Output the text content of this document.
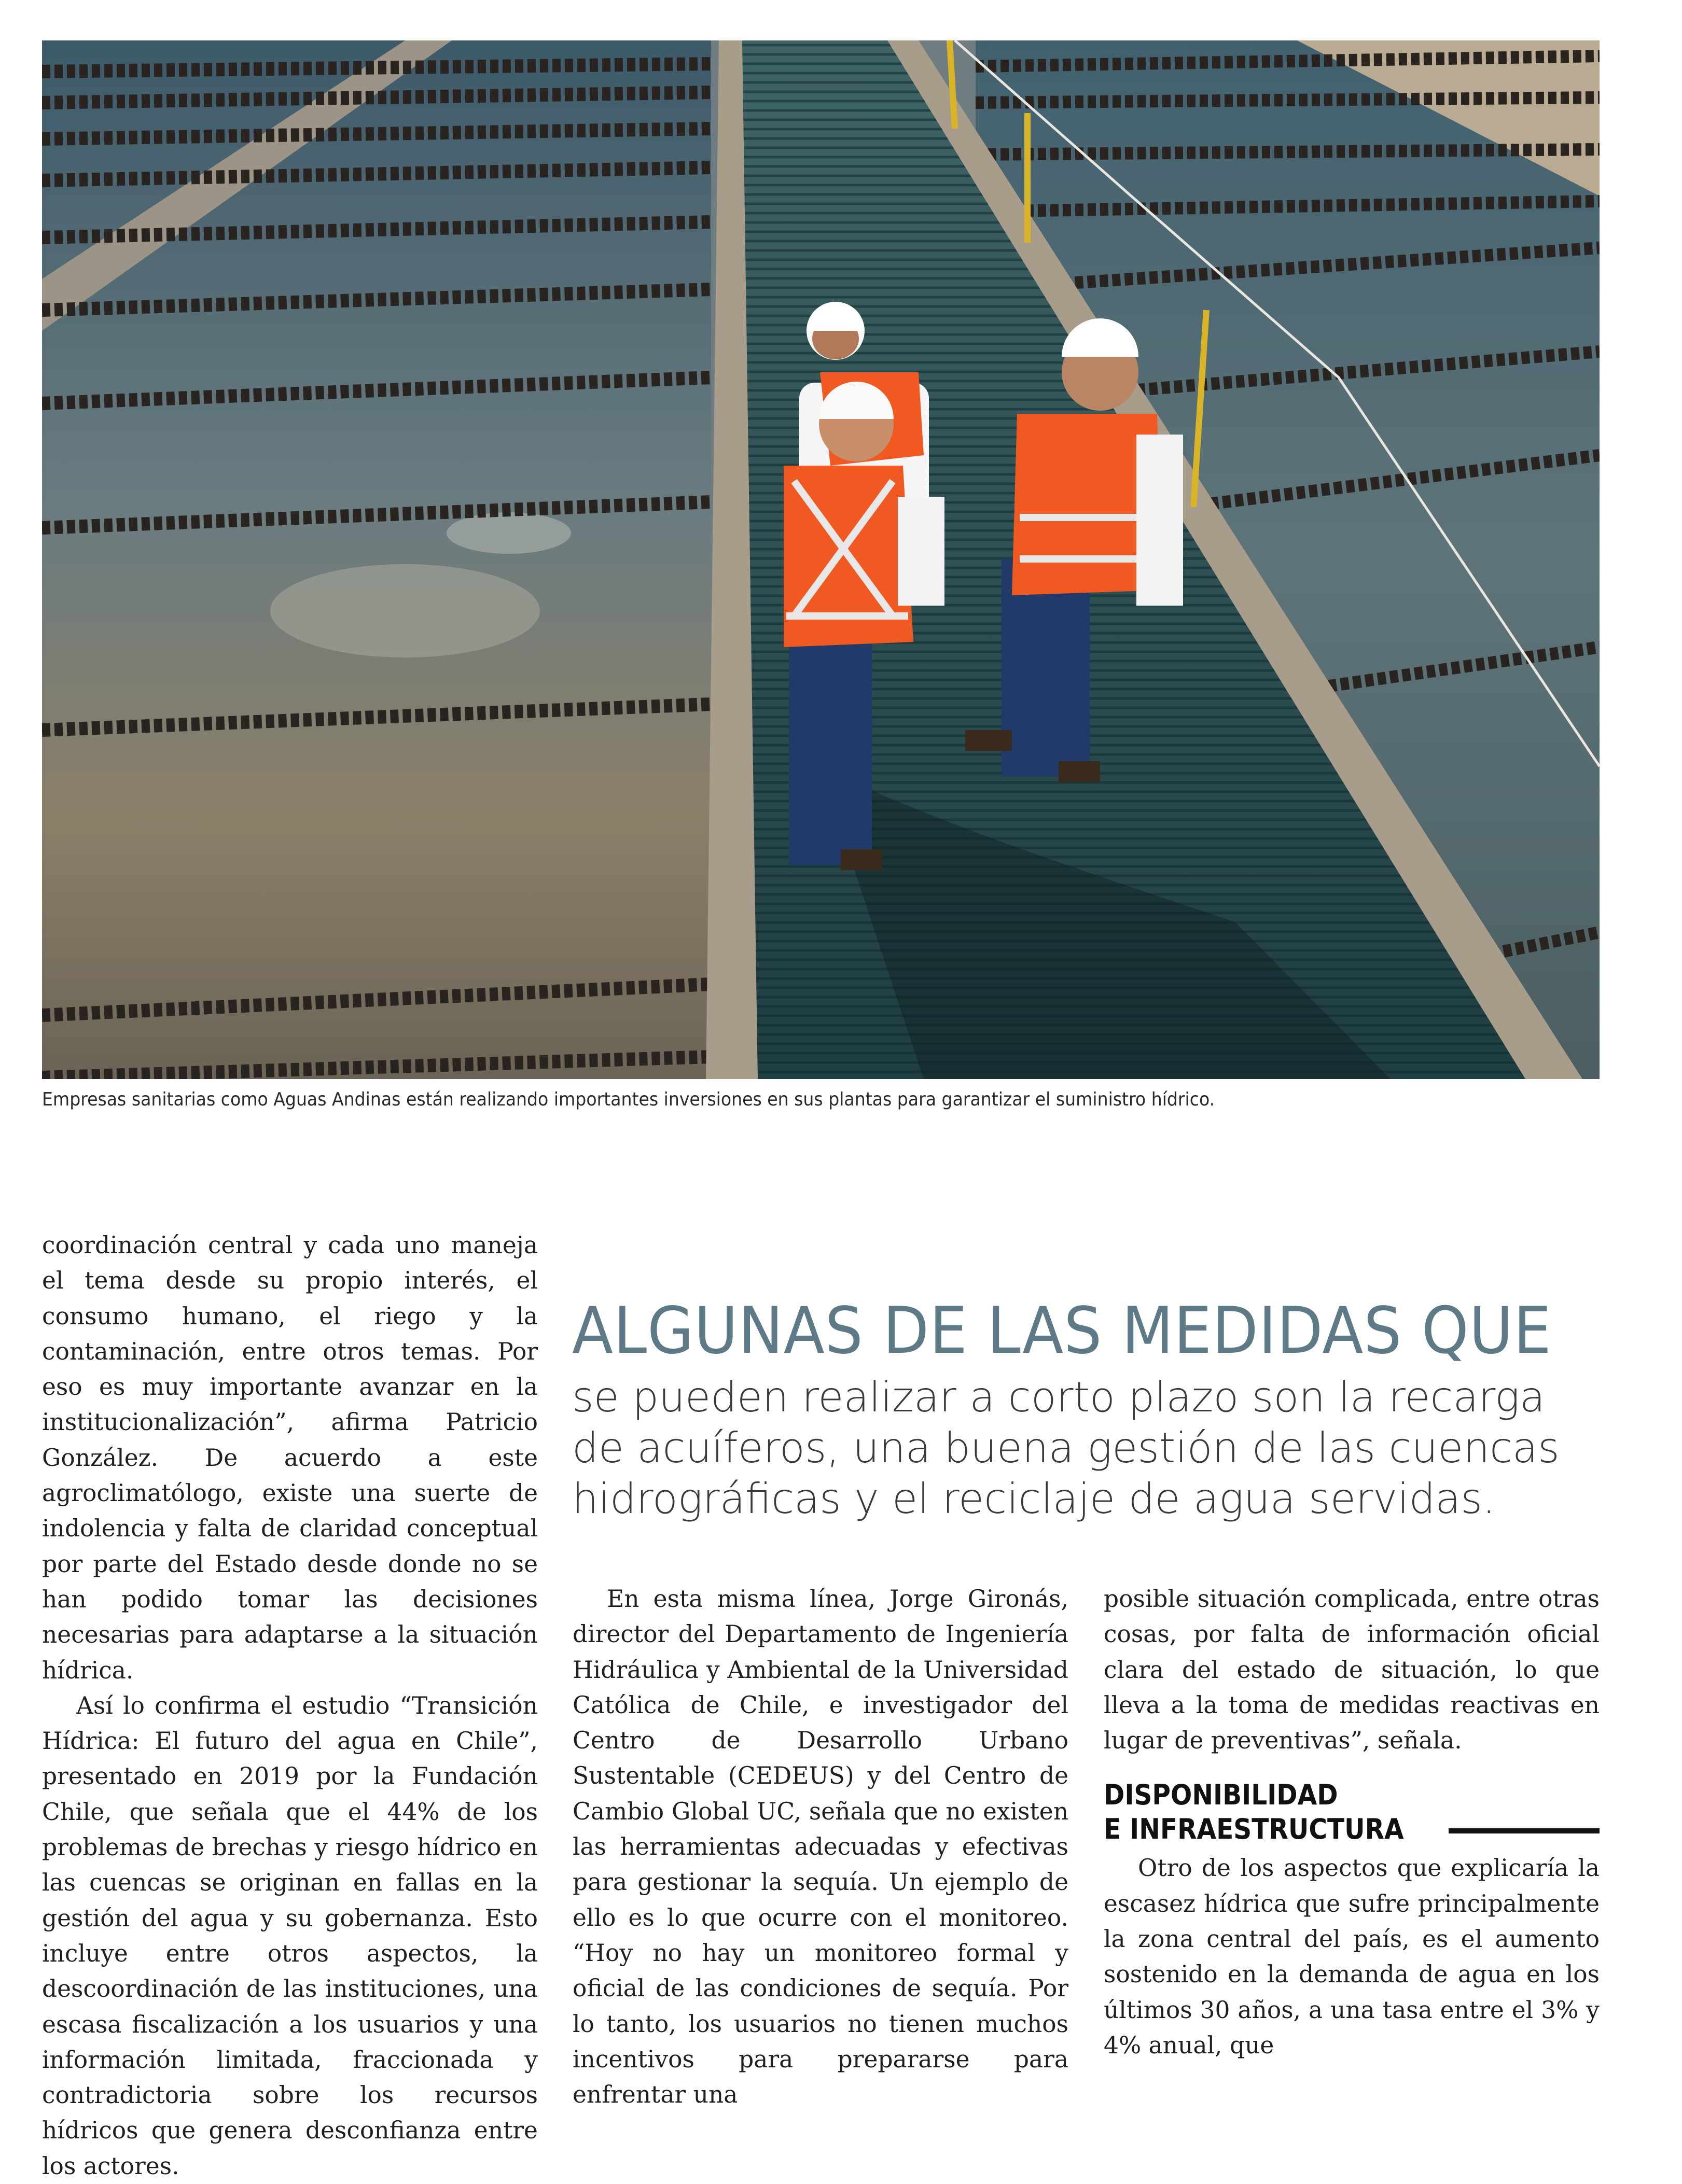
Empresas sanitarias como Aguas Andinas están realizando importantes inversiones en sus plantas para garantizar el suministro hídrico.

coordinación central y cada uno maneja el tema desde su propio interés, el consumo humano, el riego y la contaminación, entre otros temas. Por eso es muy importante avanzar en la institucionalización”, afirma Patricio González. De acuerdo a este agroclimatólogo, existe una suerte de indolencia y falta de claridad conceptual por parte del Estado desde donde no se han podido tomar las decisiones necesarias para adaptarse a la situación hídrica.

Así lo confirma el estudio “Transición Hídrica: El futuro del agua en Chile”, presentado en 2019 por la Fundación Chile, que señala que el 44% de los problemas de brechas y riesgo hídrico en las cuencas se originan en fallas en la gestión del agua y su gobernanza. Esto incluye entre otros aspectos, la descoordinación de las instituciones, una escasa fiscalización a los usuarios y una información limitada, fraccionada y contradictoria sobre los recursos hídricos que genera desconfianza entre los actores.

ALGUNAS DE LAS MEDIDAS QUE
se pueden realizar a corto plazo son la recarga
de acuíferos, una buena gestión de las cuencas
hidrográficas y el reciclaje de agua servidas.

En esta misma línea, Jorge Gironás, director del Departamento de Ingeniería Hidráulica y Ambiental de la Universidad Católica de Chile, e investigador del Centro de Desarrollo Urbano Sustentable (CEDEUS) y del Centro de Cambio Global UC, señala que no existen las herramientas adecuadas y efectivas para gestionar la sequía. Un ejemplo de ello es lo que ocurre con el monitoreo. “Hoy no hay un monitoreo formal y oficial de las condiciones de sequía. Por lo tanto, los usuarios no tienen muchos incentivos para prepararse para enfrentar una

posible situación complicada, entre otras cosas, por falta de información oficial clara del estado de situación, lo que lleva a la toma de medidas reactivas en lugar de preventivas”, señala.

DISPONIBILIDAD
E INFRAESTRUCTURA

Otro de los aspectos que explicaría la escasez hídrica que sufre principalmente la zona central del país, es el aumento sostenido en la demanda de agua en los últimos 30 años, a una tasa entre el 3% y 4% anual, que
